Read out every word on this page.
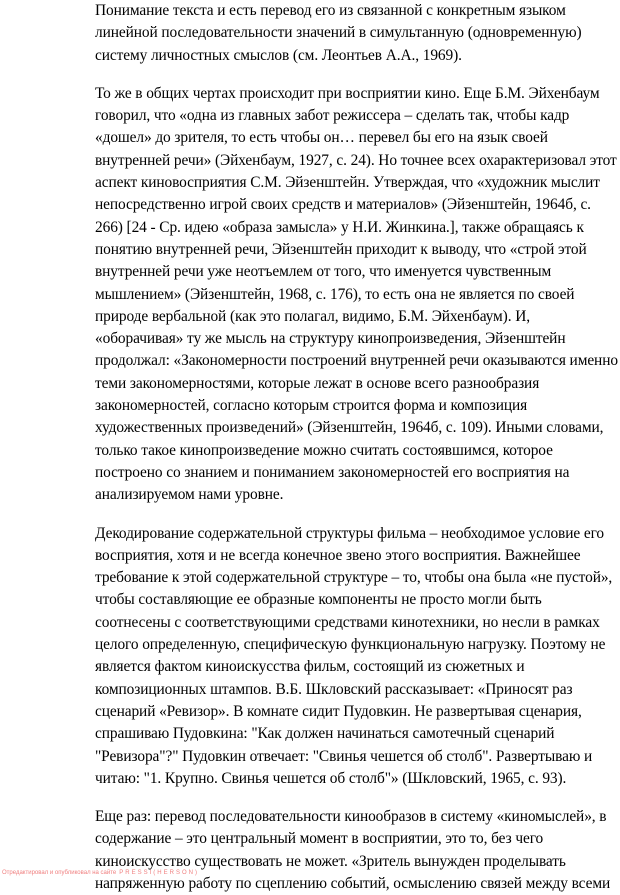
Понимание текста и есть перевод его из связанной с конкретным языком
линейной последовательности значений в симультанную (одновременную)
систему личностных смыслов (см. Леонтьев А.А., 1969).
То же в общих чертах происходит при восприятии кино. Еще Б.М. Эйхенбаум
говорил, что «одна из главных забот режиссера – сделать так, чтобы кадр
«дошел» до зрителя, то есть чтобы он… перевел бы его на язык своей
внутренней речи» (Эйхенбаум, 1927, с. 24). Но точнее всех охарактеризовал этот
аспект киновосприятия С.М. Эйзенштейн. Утверждая, что «художник мыслит
непосредственно игрой своих средств и материалов» (Эйзенштейн, 1964б, с.
266) [24 - Ср. идею «образа замысла» у Н.И. Жинкина.], также обращаясь к
понятию внутренней речи, Эйзенштейн приходит к выводу, что «строй этой
внутренней речи уже неотъемлем от того, что именуется чувственным
мышлением» (Эйзенштейн, 1968, с. 176), то есть она не является по своей
природе вербальной (как это полагал, видимо, Б.М. Эйхенбаум). И,
«оборачивая» ту же мысль на структуру кинопроизведения, Эйзенштейн
продолжал: «Закономерности построений внутренней речи оказываются именно
теми закономерностями, которые лежат в основе всего разнообразия
закономерностей, согласно которым строится форма и композиция
художественных произведений» (Эйзенштейн, 1964б, с. 109). Иными словами,
только такое кинопроизведение можно считать состоявшимся, которое
построено со знанием и пониманием закономерностей его восприятия на
анализируемом нами уровне.
Декодирование содержательной структуры фильма – необходимое условие его
восприятия, хотя и не всегда конечное звено этого восприятия. Важнейшее
требование к этой содержательной структуре – то, чтобы она была «не пустой»,
чтобы составляющие ее образные компоненты не просто могли быть
соотнесены с соответствующими средствами кинотехники, но несли в рамках
целого определенную, специфическую функциональную нагрузку. Поэтому не
является фактом киноискусства фильм, состоящий из сюжетных и
композиционных штампов. В.Б. Шкловский рассказывает: «Приносят раз
сценарий «Ревизор». В комнате сидит Пудовкин. Не развертывая сценария,
спрашиваю Пудовкина: "Как должен начинаться самотечный сценарий
"Ревизора"?" Пудовкин отвечает: "Свинья чешется об столб". Развертываю и
читаю: "1. Крупно. Свинья чешется об столб"» (Шкловский, 1965, с. 93).
Еще раз: перевод последовательности кинообразов в систему «киномыслей», в
содержание – это центральный момент в восприятии, это то, без чего
киноискусство существовать не может. «Зритель вынужден проделывать
напряженную работу по сцеплению событий, осмыслению связей между всеми
Отредактировал и опубликовал на сайте PRESSI(HERSON)
